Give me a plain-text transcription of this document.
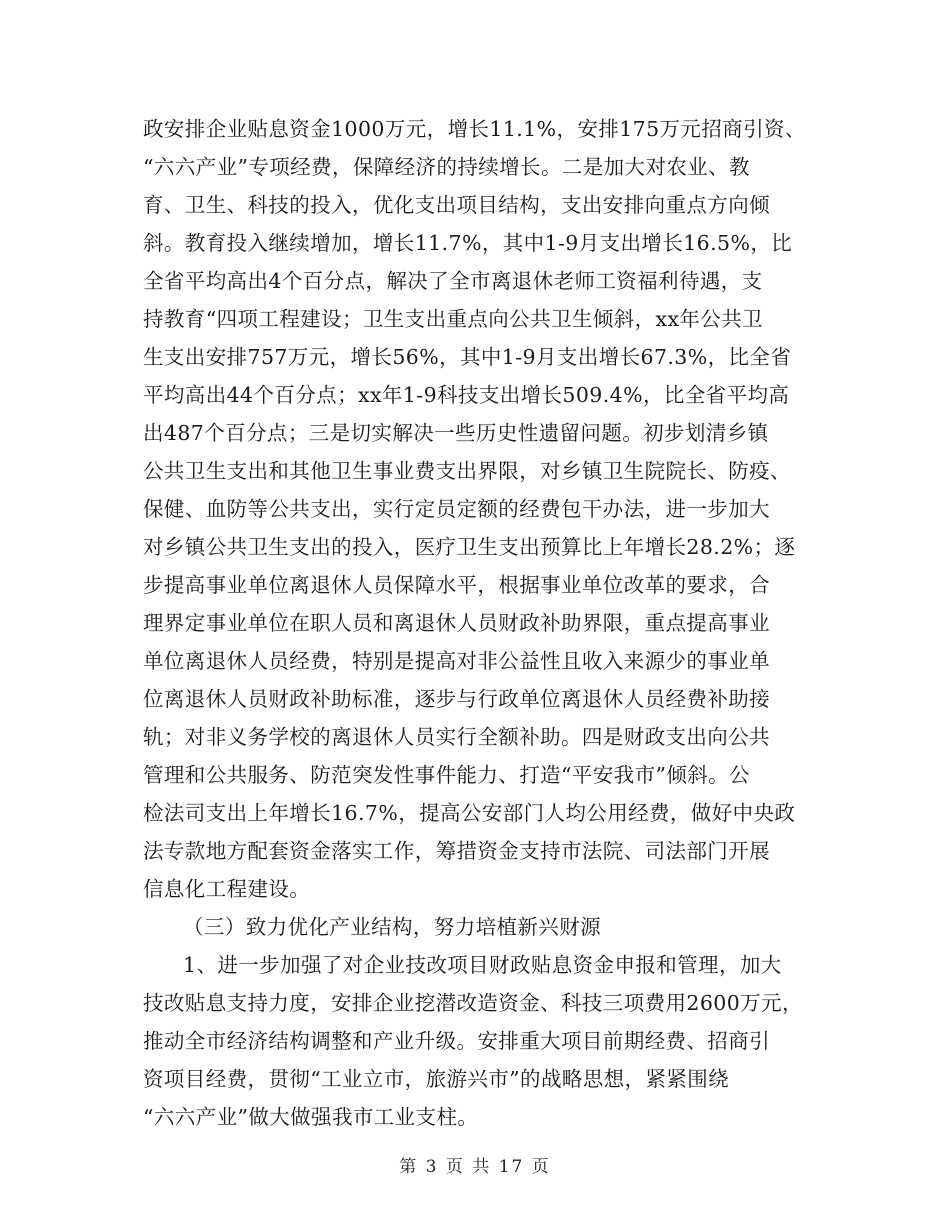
政安排企业贴息资金1000万元，增长11.1%，安排175万元招商引资、
“六六产业”专项经费，保障经济的持续增长。二是加大对农业、教
育、卫生、科技的投入，优化支出项目结构，支出安排向重点方向倾
斜。教育投入继续增加，增长11.7%，其中1-9月支出增长16.5%，比
全省平均高出4个百分点，解决了全市离退休老师工资福利待遇，支
持教育“四项工程建设；卫生支出重点向公共卫生倾斜，xx年公共卫
生支出安排757万元，增长56%，其中1-9月支出增长67.3%，比全省
平均高出44个百分点；xx年1-9科技支出增长509.4%，比全省平均高
出487个百分点；三是切实解决一些历史性遗留问题。初步划清乡镇
公共卫生支出和其他卫生事业费支出界限，对乡镇卫生院院长、防疫、
保健、血防等公共支出，实行定员定额的经费包干办法，进一步加大
对乡镇公共卫生支出的投入，医疗卫生支出预算比上年增长28.2%；逐
步提高事业单位离退休人员保障水平，根据事业单位改革的要求，合
理界定事业单位在职人员和离退休人员财政补助界限，重点提高事业
单位离退休人员经费，特别是提高对非公益性且收入来源少的事业单
位离退休人员财政补助标准，逐步与行政单位离退休人员经费补助接
轨；对非义务学校的离退休人员实行全额补助。四是财政支出向公共
管理和公共服务、防范突发性事件能力、打造“平安我市”倾斜。公
检法司支出上年增长16.7%，提高公安部门人均公用经费，做好中央政
法专款地方配套资金落实工作，筹措资金支持市法院、司法部门开展
信息化工程建设。
（三）致力优化产业结构，努力培植新兴财源
1、进一步加强了对企业技改项目财政贴息资金申报和管理，加大
技改贴息支持力度，安排企业挖潜改造资金、科技三项费用2600万元，
推动全市经济结构调整和产业升级。安排重大项目前期经费、招商引
资项目经费，贯彻“工业立市，旅游兴市”的战略思想，紧紧围绕
“六六产业”做大做强我市工业支柱。
第 3 页 共 17 页
